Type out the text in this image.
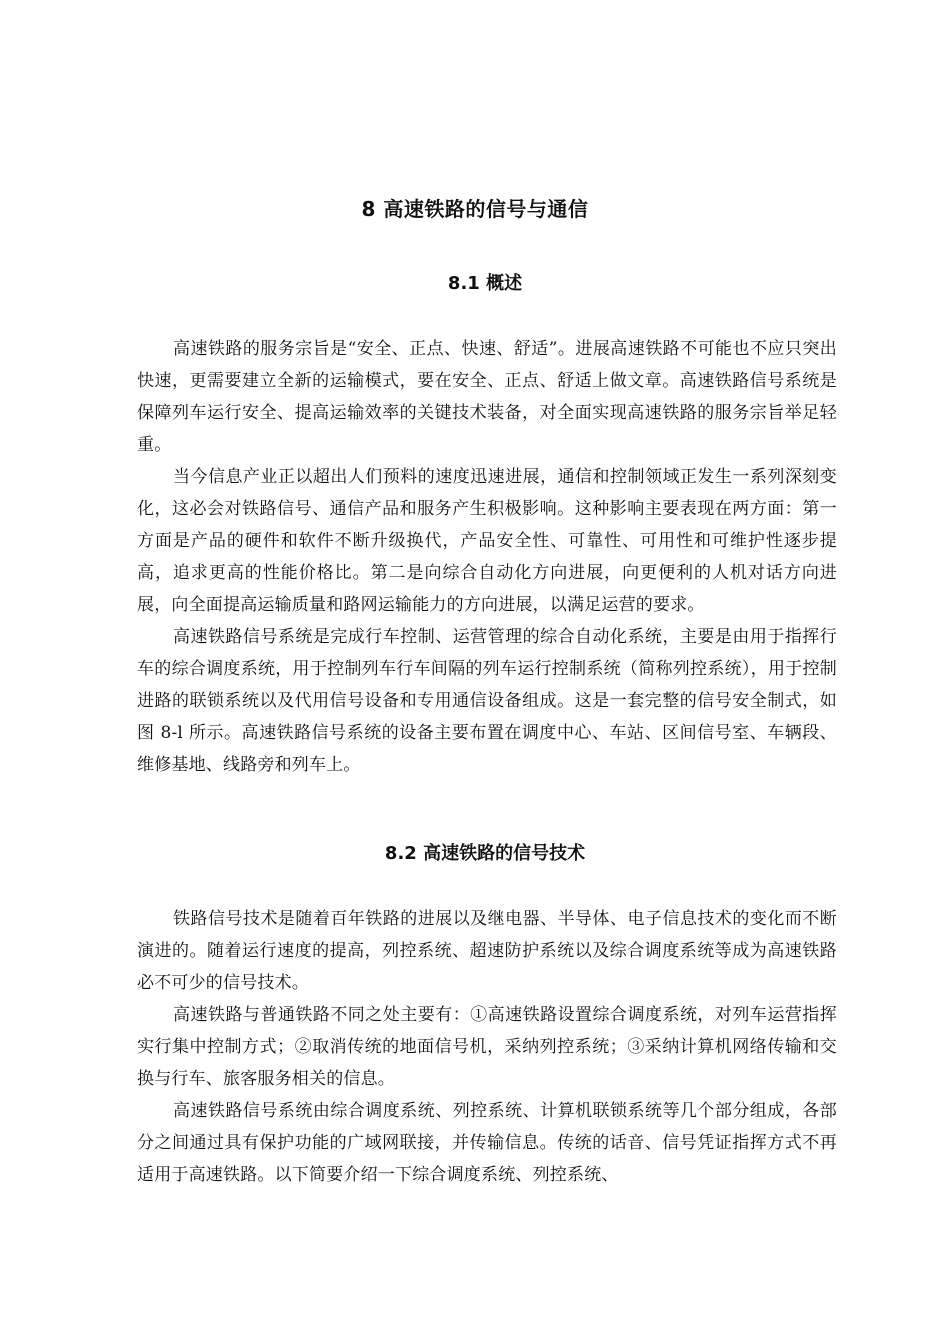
8 高速铁路的信号与通信
8.1 概述

高速铁路的服务宗旨是“安全、正点、快速、舒适”。进展高速铁路不可能也不应只突出快速，更需要建立全新的运输模式，要在安全、正点、舒适上做文章。高速铁路信号系统是保障列车运行安全、提高运输效率的关键技术装备，对全面实现高速铁路的服务宗旨举足轻重。

当今信息产业正以超出人们预料的速度迅速进展，通信和控制领域正发生一系列深刻变化，这必会对铁路信号、通信产品和服务产生积极影响。这种影响主要表现在两方面：第一方面是产品的硬件和软件不断升级换代，产品安全性、可靠性、可用性和可维护性逐步提高，追求更高的性能价格比。第二是向综合自动化方向进展，向更便利的人机对话方向进展，向全面提高运输质量和路网运输能力的方向进展，以满足运营的要求。

高速铁路信号系统是完成行车控制、运营管理的综合自动化系统，主要是由用于指挥行车的综合调度系统，用于控制列车行车间隔的列车运行控制系统（简称列控系统），用于控制进路的联锁系统以及代用信号设备和专用通信设备组成。这是一套完整的信号安全制式，如图 8-l 所示。高速铁路信号系统的设备主要布置在调度中心、车站、区间信号室、车辆段、维修基地、线路旁和列车上。

8.2 高速铁路的信号技术

铁路信号技术是随着百年铁路的进展以及继电器、半导体、电子信息技术的变化而不断演进的。随着运行速度的提高，列控系统、超速防护系统以及综合调度系统等成为高速铁路必不可少的信号技术。

高速铁路与普通铁路不同之处主要有：①高速铁路设置综合调度系统，对列车运营指挥实行集中控制方式；②取消传统的地面信号机，采纳列控系统；③采纳计算机网络传输和交换与行车、旅客服务相关的信息。

高速铁路信号系统由综合调度系统、列控系统、计算机联锁系统等几个部分组成，各部分之间通过具有保护功能的广域网联接，并传输信息。传统的话音、信号凭证指挥方式不再适用于高速铁路。以下简要介绍一下综合调度系统、列控系统、
